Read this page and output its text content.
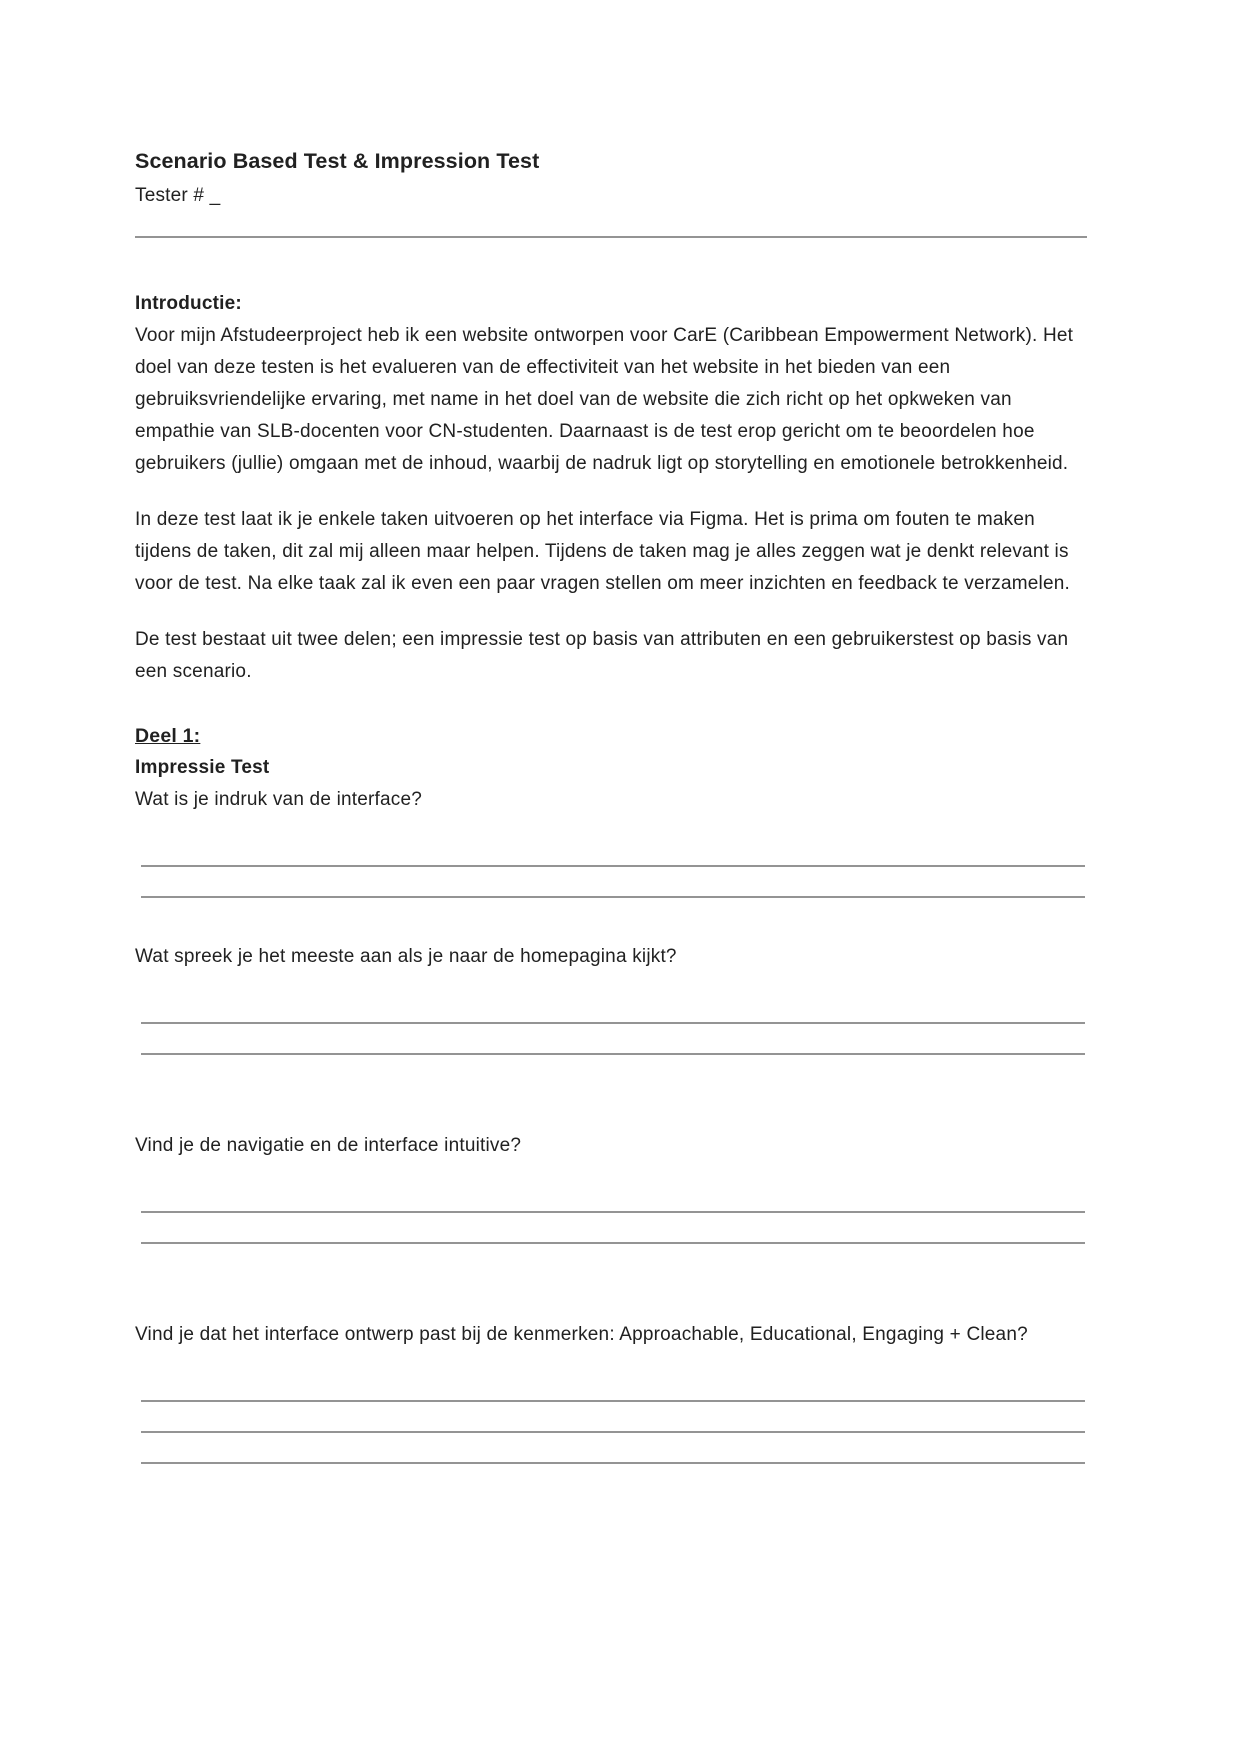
Scenario Based Test & Impression Test
Tester # _
Introductie:

Voor mijn Afstudeerproject heb ik een website ontworpen voor CarE (Caribbean Empowerment Network). Het doel van deze testen is het evalueren van de effectiviteit van het website in het bieden van een gebruiksvriendelijke ervaring, met name in het doel van de website die zich richt op het opkweken van empathie van SLB-docenten voor CN-studenten. Daarnaast is de test erop gericht om te beoordelen hoe gebruikers (jullie) omgaan met de inhoud, waarbij de nadruk ligt op storytelling en emotionele betrokkenheid.

In deze test laat ik je enkele taken uitvoeren op het interface via Figma. Het is prima om fouten te maken tijdens de taken, dit zal mij alleen maar helpen. Tijdens de taken mag je alles zeggen wat je denkt relevant is voor de test. Na elke taak zal ik even een paar vragen stellen om meer inzichten en feedback te verzamelen.

De test bestaat uit twee delen; een impressie test op basis van attributen en een gebruikerstest op basis van een scenario.

Deel 1:
Impressie Test

Wat is je indruk van de interface?

Wat spreek je het meeste aan als je naar de homepagina kijkt?

Vind je de navigatie en de interface intuitive?

Vind je dat het interface ontwerp past bij de kenmerken: Approachable, Educational, Engaging + Clean?
